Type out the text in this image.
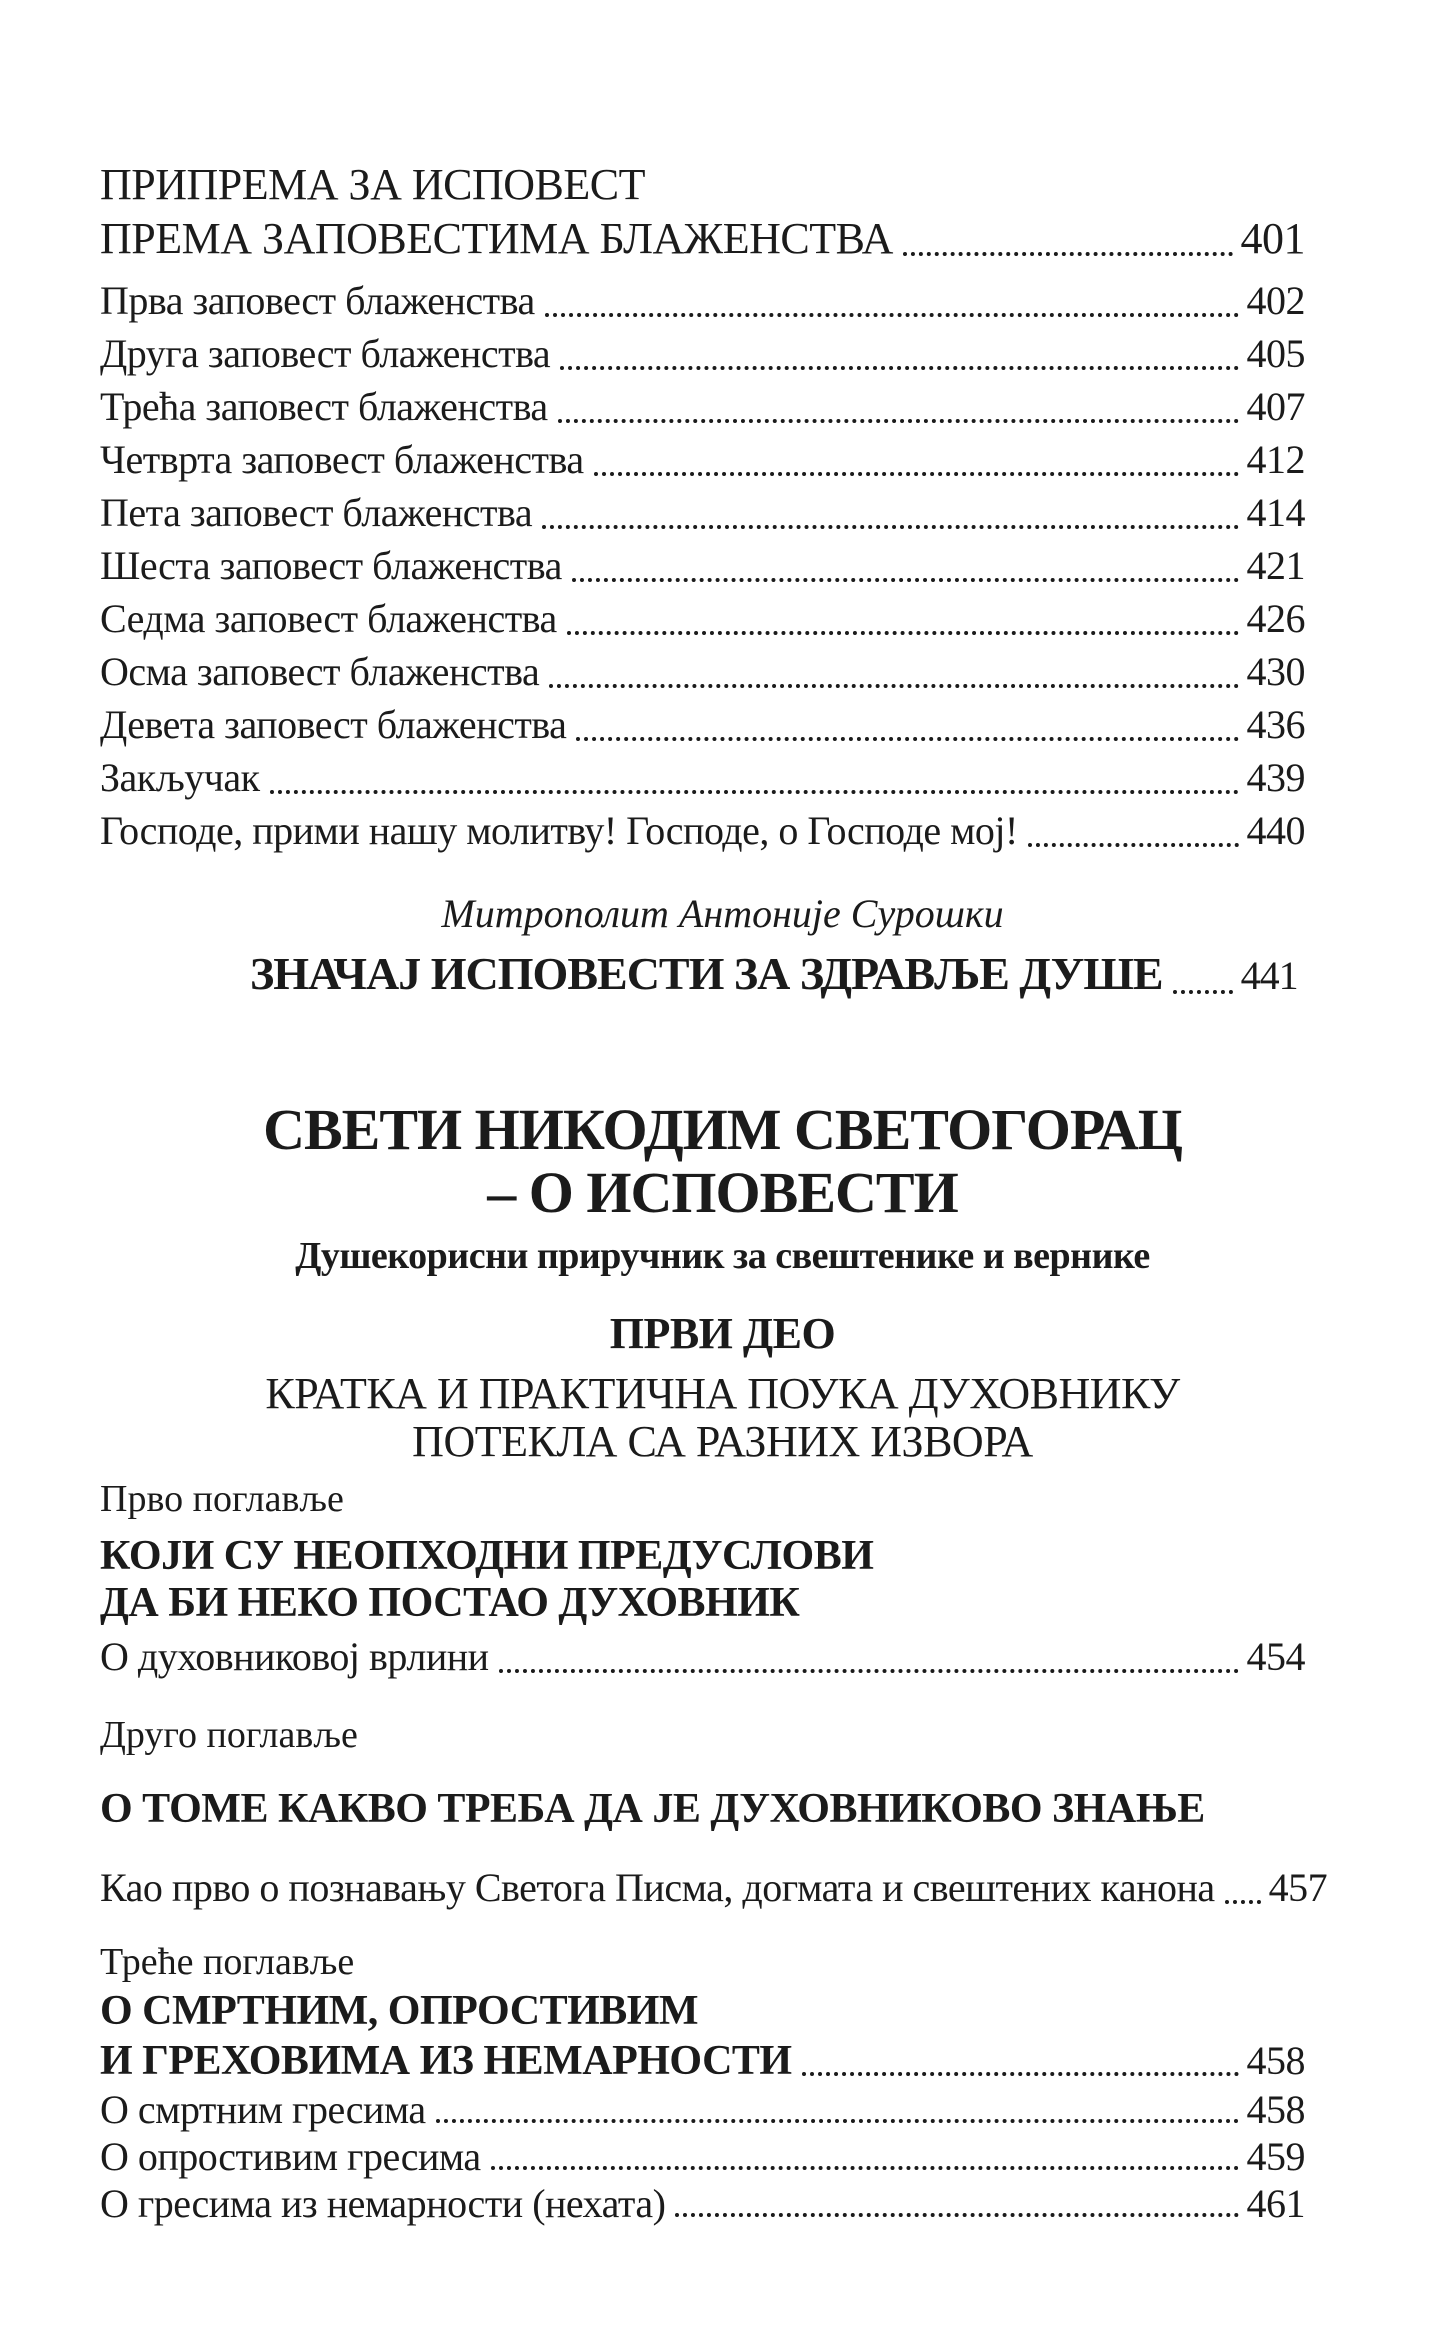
ПРИПРЕМА ЗА ИСПОВЕСТ
ПРЕМА ЗАПОВЕСТИМА БЛАЖЕНСТВА	401
Прва заповест блаженства	402
Друга заповест блаженства	405
Трећа заповест блаженства	407
Четврта заповест блаженства	412
Пета заповест блаженства	414
Шеста заповест блаженства	421
Седма заповест блаженства	426
Осма заповест блаженства	430
Девета заповест блаженства	436
Закључак	439
Господе, прими нашу молитву! Господе, о Господе мој!	440
Митрополит Антоније Сурошки
ЗНАЧАЈ ИСПОВЕСТИ ЗА ЗДРАВЉЕ ДУШЕ 441
СВЕТИ НИКОДИМ СВЕТОГОРАЦ
– О ИСПОВЕСТИ
Душекорисни приручник за свештенике и вернике
ПРВИ ДЕО
КРАТКА И ПРАКТИЧНА ПОУКА ДУХОВНИКУ
ПОТЕКЛА СА РАЗНИХ ИЗВОРА
Прво поглавље
КОЈИ СУ НЕОПХОДНИ ПРЕДУСЛОВИ
ДА БИ НЕКО ПОСТАО ДУХОВНИК
О духовниковој врлини	454
Друго поглавље
О ТОМЕ КАКВО ТРЕБА ДА ЈЕ ДУХОВНИКОВО ЗНАЊЕ
Као прво о познавању Светога Писма, догмата и свештених канона 457
Треће поглавље
О СМРТНИМ, ОПРОСТИВИМ
И ГРЕХОВИМА ИЗ НЕМАРНОСТИ	458
О смртним гресима	458
О опростивим гресима	459
О гресима из немарности (нехата)	461
